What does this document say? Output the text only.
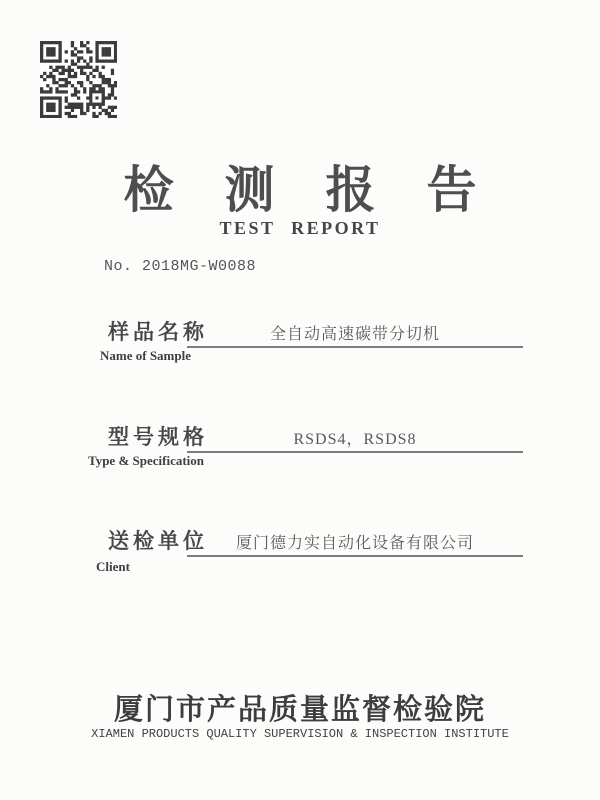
检测报告
TEST REPORT
No. 2018MG-W0088
样品名称	全自动高速碳带分切机
Name of Sample
型号规格	RSDS4，RSDS8
Type & Specification
送检单位	厦门德力实自动化设备有限公司
Client
厦门市产品质量监督检验院
XIAMEN PRODUCTS QUALITY SUPERVISION & INSPECTION INSTITUTE
